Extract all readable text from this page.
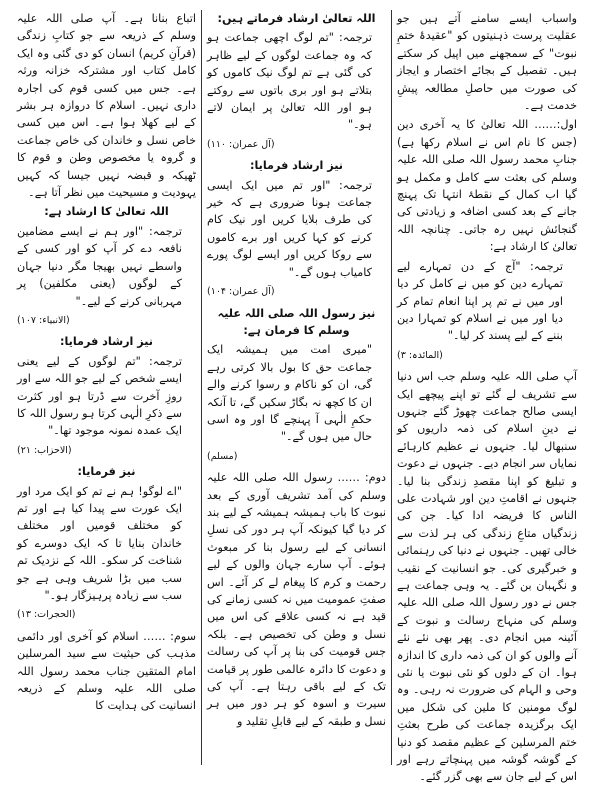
واسباب ایسے سامنے آتے ہیں جو عقلیت پرست ذہنیتوں کو "عقیدۂ ختمِ نبوت" کے سمجھنے میں اپیل کر سکتے ہیں۔ تفصیل کے بجائے اختصار و ایجاز کی صورت میں حاصلِ مطالعہ پیشِ خدمت ہے۔

اول:…… اللہ تعالیٰ کا یہ آخری دین (جس کا نام اس نے اسلام رکھا ہے) جنابِ محمد رسول اللہ صلی اللہ علیہ وسلم کی بعثت سے کامل و مکمل ہو گیا اب کمال کے نقطۂ انتہا تک پہنچ جانے کے بعد کسی اضافہ و زیادتی کی گنجائش نہیں رہ جاتی۔ چنانچہ اللہ تعالیٰ کا ارشاد ہے:

ترجمہ: "آج کے دن تمہارے لیے تمہارے دین کو میں نے کامل کر دیا اور میں نے تم پر اپنا انعام تمام کر دیا اور میں نے اسلام کو تمہارا دین بننے کے لیے پسند کر لیا۔"

(المائدہ: ۳)

آپ صلی اللہ علیہ وسلم جب اس دنیا سے تشریف لے گئے تو اپنے پیچھے ایک ایسی صالح جماعت چھوڑ گئے جنہوں نے دینِ اسلام کی ذمہ داریوں کو سنبھال لیا۔ جنہوں نے عظیم کارہائے نمایاں سر انجام دیے۔ جنہوں نے دعوت و تبلیغ کو اپنا مقصدِ زندگی بنا لیا۔ جنہوں نے اقامتِ دین اور شہادت علی الناس کا فریضہ ادا کیا۔ جن کی زندگیاں متاعِ زندگی کی ہر لذت سے خالی تھیں۔ جنہوں نے دنیا کی رہنمائی و خبرگیری کی۔ جو انسانیت کے نقیب و نگہبان بن گئے۔ یہ وہی جماعت ہے جس نے دور رسول اللہ صلی اللہ علیہ وسلم کی منہاج رسالت و نبوت کے آئینہ میں انجام دی۔ پھر بھی نئے نئے آنے والوں کو ان کی ذمہ داری کا اندازہ ہوا۔ ان کے دلوں کو نئی نبوت یا نئی وحی و الہام کی ضرورت نہ رہی۔ وہ لوگ مومنین کا ملین کی شکل میں ایک برگزیدہ جماعت کی طرح بعثتِ ختم المرسلین کے عظیم مقصد کو دنیا کے گوشہ گوشہ میں پہنچاتے رہے اور اس کے لیے جان سے بھی گزر گئے۔

اللہ تعالیٰ ارشاد فرماتے ہیں:

ترجمہ: "تم لوگ اچھی جماعت ہو کہ وہ جماعت لوگوں کے لیے ظاہر کی گئی ہے تم لوگ نیک کاموں کو بتلاتے ہو اور بری باتوں سے روکتے ہو اور اللہ تعالیٰ پر ایمان لاتے ہو۔"

(آل عمران: ۱۱۰)

نیز ارشاد فرمایا:

ترجمہ: "اور تم میں ایک ایسی جماعت ہونا ضروری ہے کہ خیر کی طرف بلایا کریں اور نیک کام کرنے کو کہا کریں اور برے کاموں سے روکا کریں اور ایسے لوگ پورے کامیاب ہوں گے۔"

(آل عمران: ۱۰۴)

نیز رسول اللہ صلی اللہ علیہ وسلم کا فرمان ہے:

"میری امت میں ہمیشہ ایک جماعت حق کا بول بالا کرتی رہے گی، ان کو ناکام و رسوا کرنے والے ان کا کچھ نہ بگاڑ سکیں گے، تا آنکہ حکمِ الٰہی آ پہنچے گا اور وہ اسی حال میں ہوں گے۔"

(مسلم)

دوم: …… رسول اللہ صلی اللہ علیہ وسلم کی آمد تشریف آوری کے بعد نبوت کا باب ہمیشہ ہمیشہ کے لیے بند کر دیا گیا کیونکہ آپ ہر دور کی نسلِ انسانی کے لیے رسول بنا کر مبعوث ہوئے۔ آپ سارے جہان والوں کے لیے رحمت و کرم کا پیغام لے کر آئے۔ اس صفتِ عمومیت میں نہ کسی زمانے کی قید ہے نہ کسی علاقے کی اس میں نسل و وطن کی تخصیص ہے۔ بلکہ جس قومیت کی بنا پر آپ کی رسالت و دعوت کا دائرہ عالمی طور پر قیامت تک کے لیے باقی رہتا ہے۔ آپ کی سیرت و اسوہ کو ہر دور میں ہر نسل و طبقہ کے لیے قابلِ تقلید و

اتباع بنانا ہے۔ آپ صلی اللہ علیہ وسلم کے ذریعہ سے جو کتابِ زندگی (قرآنِ کریم) انسان کو دی گئی وہ ایک کامل کتاب اور مشترکہ خزانہ ورثہ ہے۔ جس میں کسی قوم کی اجارہ داری نہیں۔ اسلام کا دروازہ ہر بشر کے لیے کھلا ہوا ہے۔ اس میں کسی خاص نسل و خاندان کی خاص جماعت و گروہ یا مخصوص وطن و قوم کا ٹھیکہ و قبضہ نہیں جیسا کہ کہیں یہودیت و مسیحیت میں نظر آتا ہے۔

اللہ تعالیٰ کا ارشاد ہے:

ترجمہ: "اور ہم نے ایسے مضامین نافعہ دے کر آپ کو اور کسی کے واسطے نہیں بھیجا مگر دنیا جہان کے لوگوں (یعنی مکلفین) پر مہربانی کرنے کے لیے۔"

(الانبیاء: ۱۰۷)

نیز ارشاد فرمایا:

ترجمہ: "تم لوگوں کے لیے یعنی ایسے شخص کے لیے جو اللہ سے اور روزِ آخرت سے ڈرتا ہو اور کثرت سے ذکرِ الٰہی کرتا ہو رسول اللہ کا ایک عمدہ نمونہ موجود تھا۔"

(الاحزاب: ۲۱)

نیز فرمایا:

"اے لوگو! ہم نے تم کو ایک مرد اور ایک عورت سے پیدا کیا ہے اور تم کو مختلف قومیں اور مختلف خاندان بنایا تا کہ ایک دوسرے کو شناخت کر سکو۔ اللہ کے نزدیک تم سب میں بڑا شریف وہی ہے جو سب سے زیادہ پرہیزگار ہو۔"

(الحجرات: ۱۳)

سوم: …… اسلام کو آخری اور دائمی مذہب کی حیثیت سے سید المرسلین امام المتقین جناب محمد رسول اللہ صلی اللہ علیہ وسلم کے ذریعہ انسانیت کی ہدایت کا
